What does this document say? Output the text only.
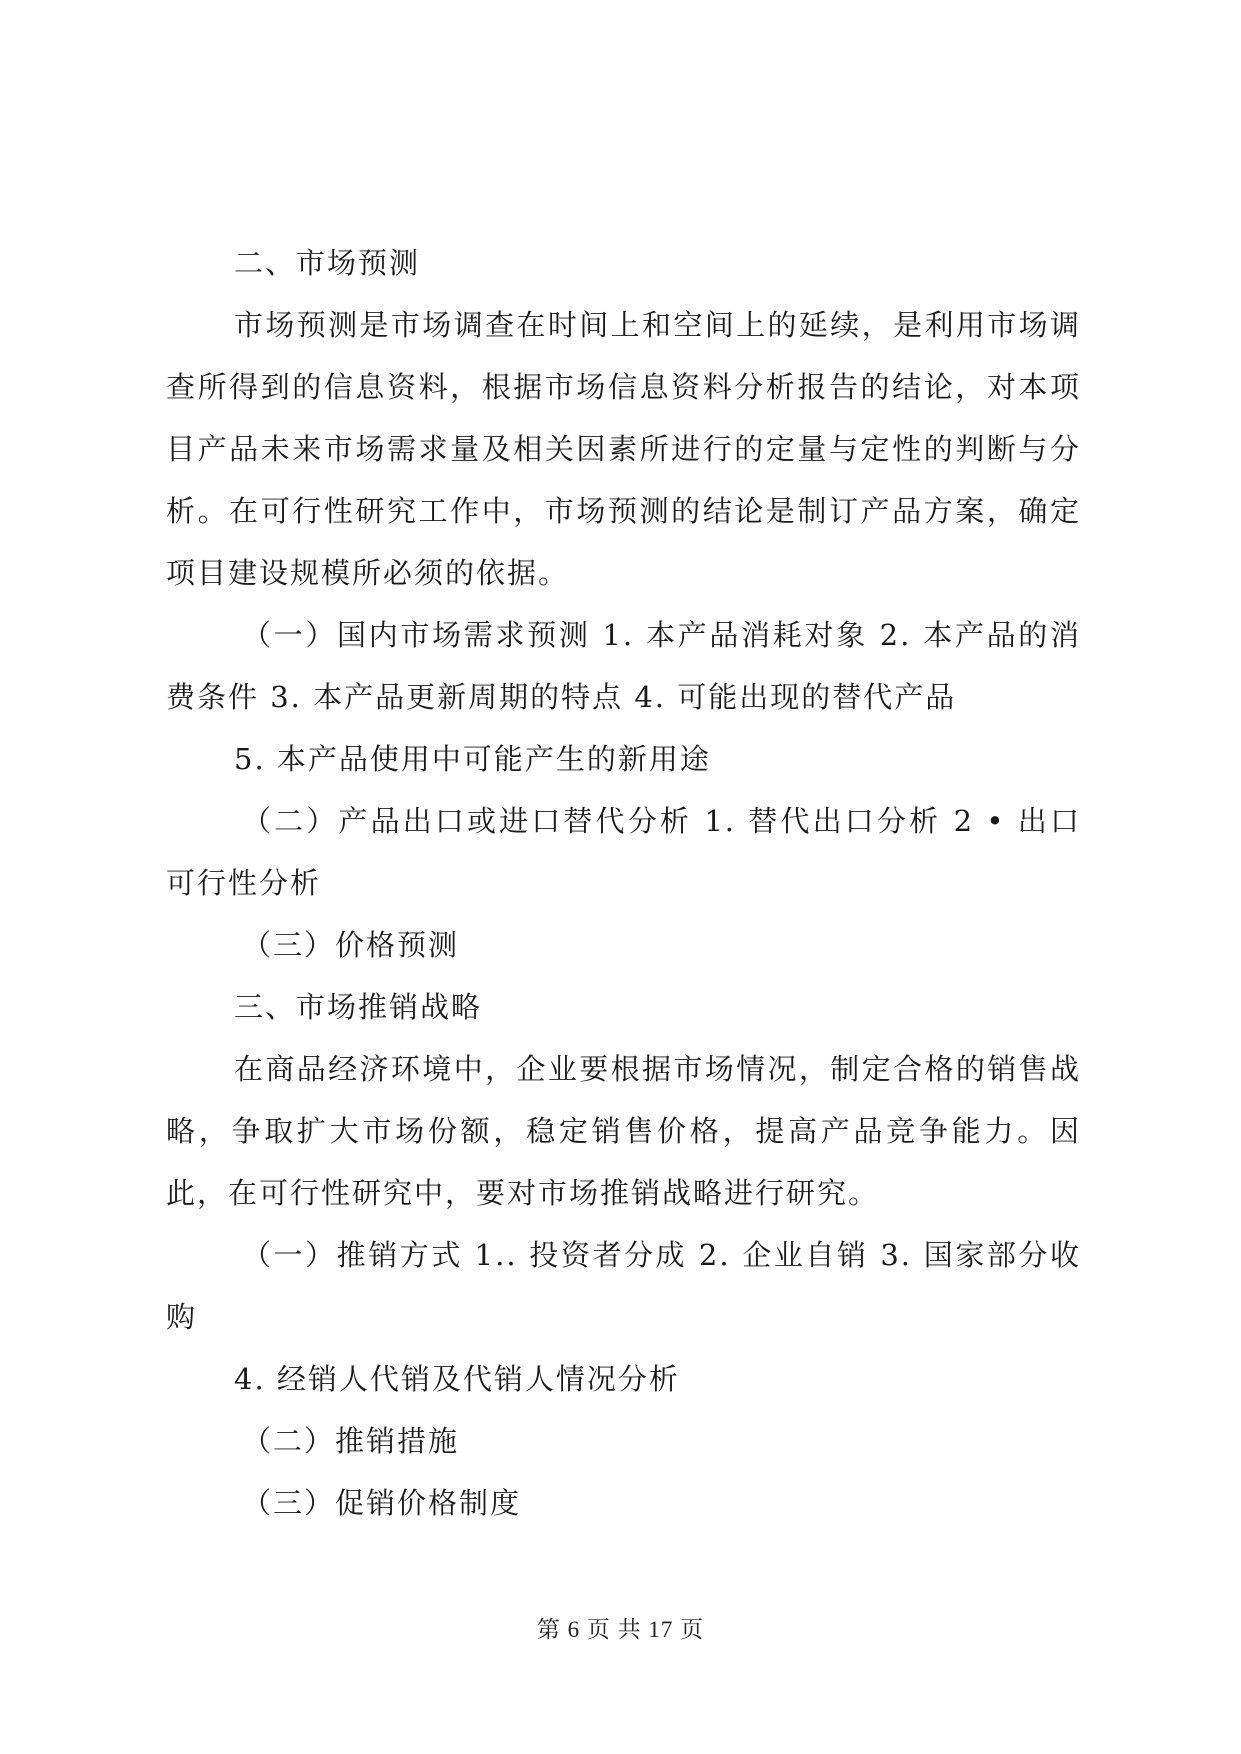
二、市场预测

市场预测是市场调查在时间上和空间上的延续，是利用市场调查所得到的信息资料，根据市场信息资料分析报告的结论，对本项目产品未来市场需求量及相关因素所进行的定量与定性的判断与分析。在可行性研究工作中，市场预测的结论是制订产品方案，确定项目建设规模所必须的依据。

（一）国内市场需求预测 1. 本产品消耗对象 2. 本产品的消费条件 3. 本产品更新周期的特点 4. 可能出现的替代产品

5. 本产品使用中可能产生的新用途

（二）产品出口或进口替代分析 1. 替代出口分析 2 • 出口可行性分析

（三）价格预测

三、市场推销战略

在商品经济环境中，企业要根据市场情况，制定合格的销售战略，争取扩大市场份额，稳定销售价格，提高产品竞争能力。因此，在可行性研究中，要对市场推销战略进行研究。

（一）推销方式 1.. 投资者分成 2. 企业自销 3. 国家部分收购

4. 经销人代销及代销人情况分析

（二）推销措施

（三）促销价格制度

第 6 页 共 17 页
